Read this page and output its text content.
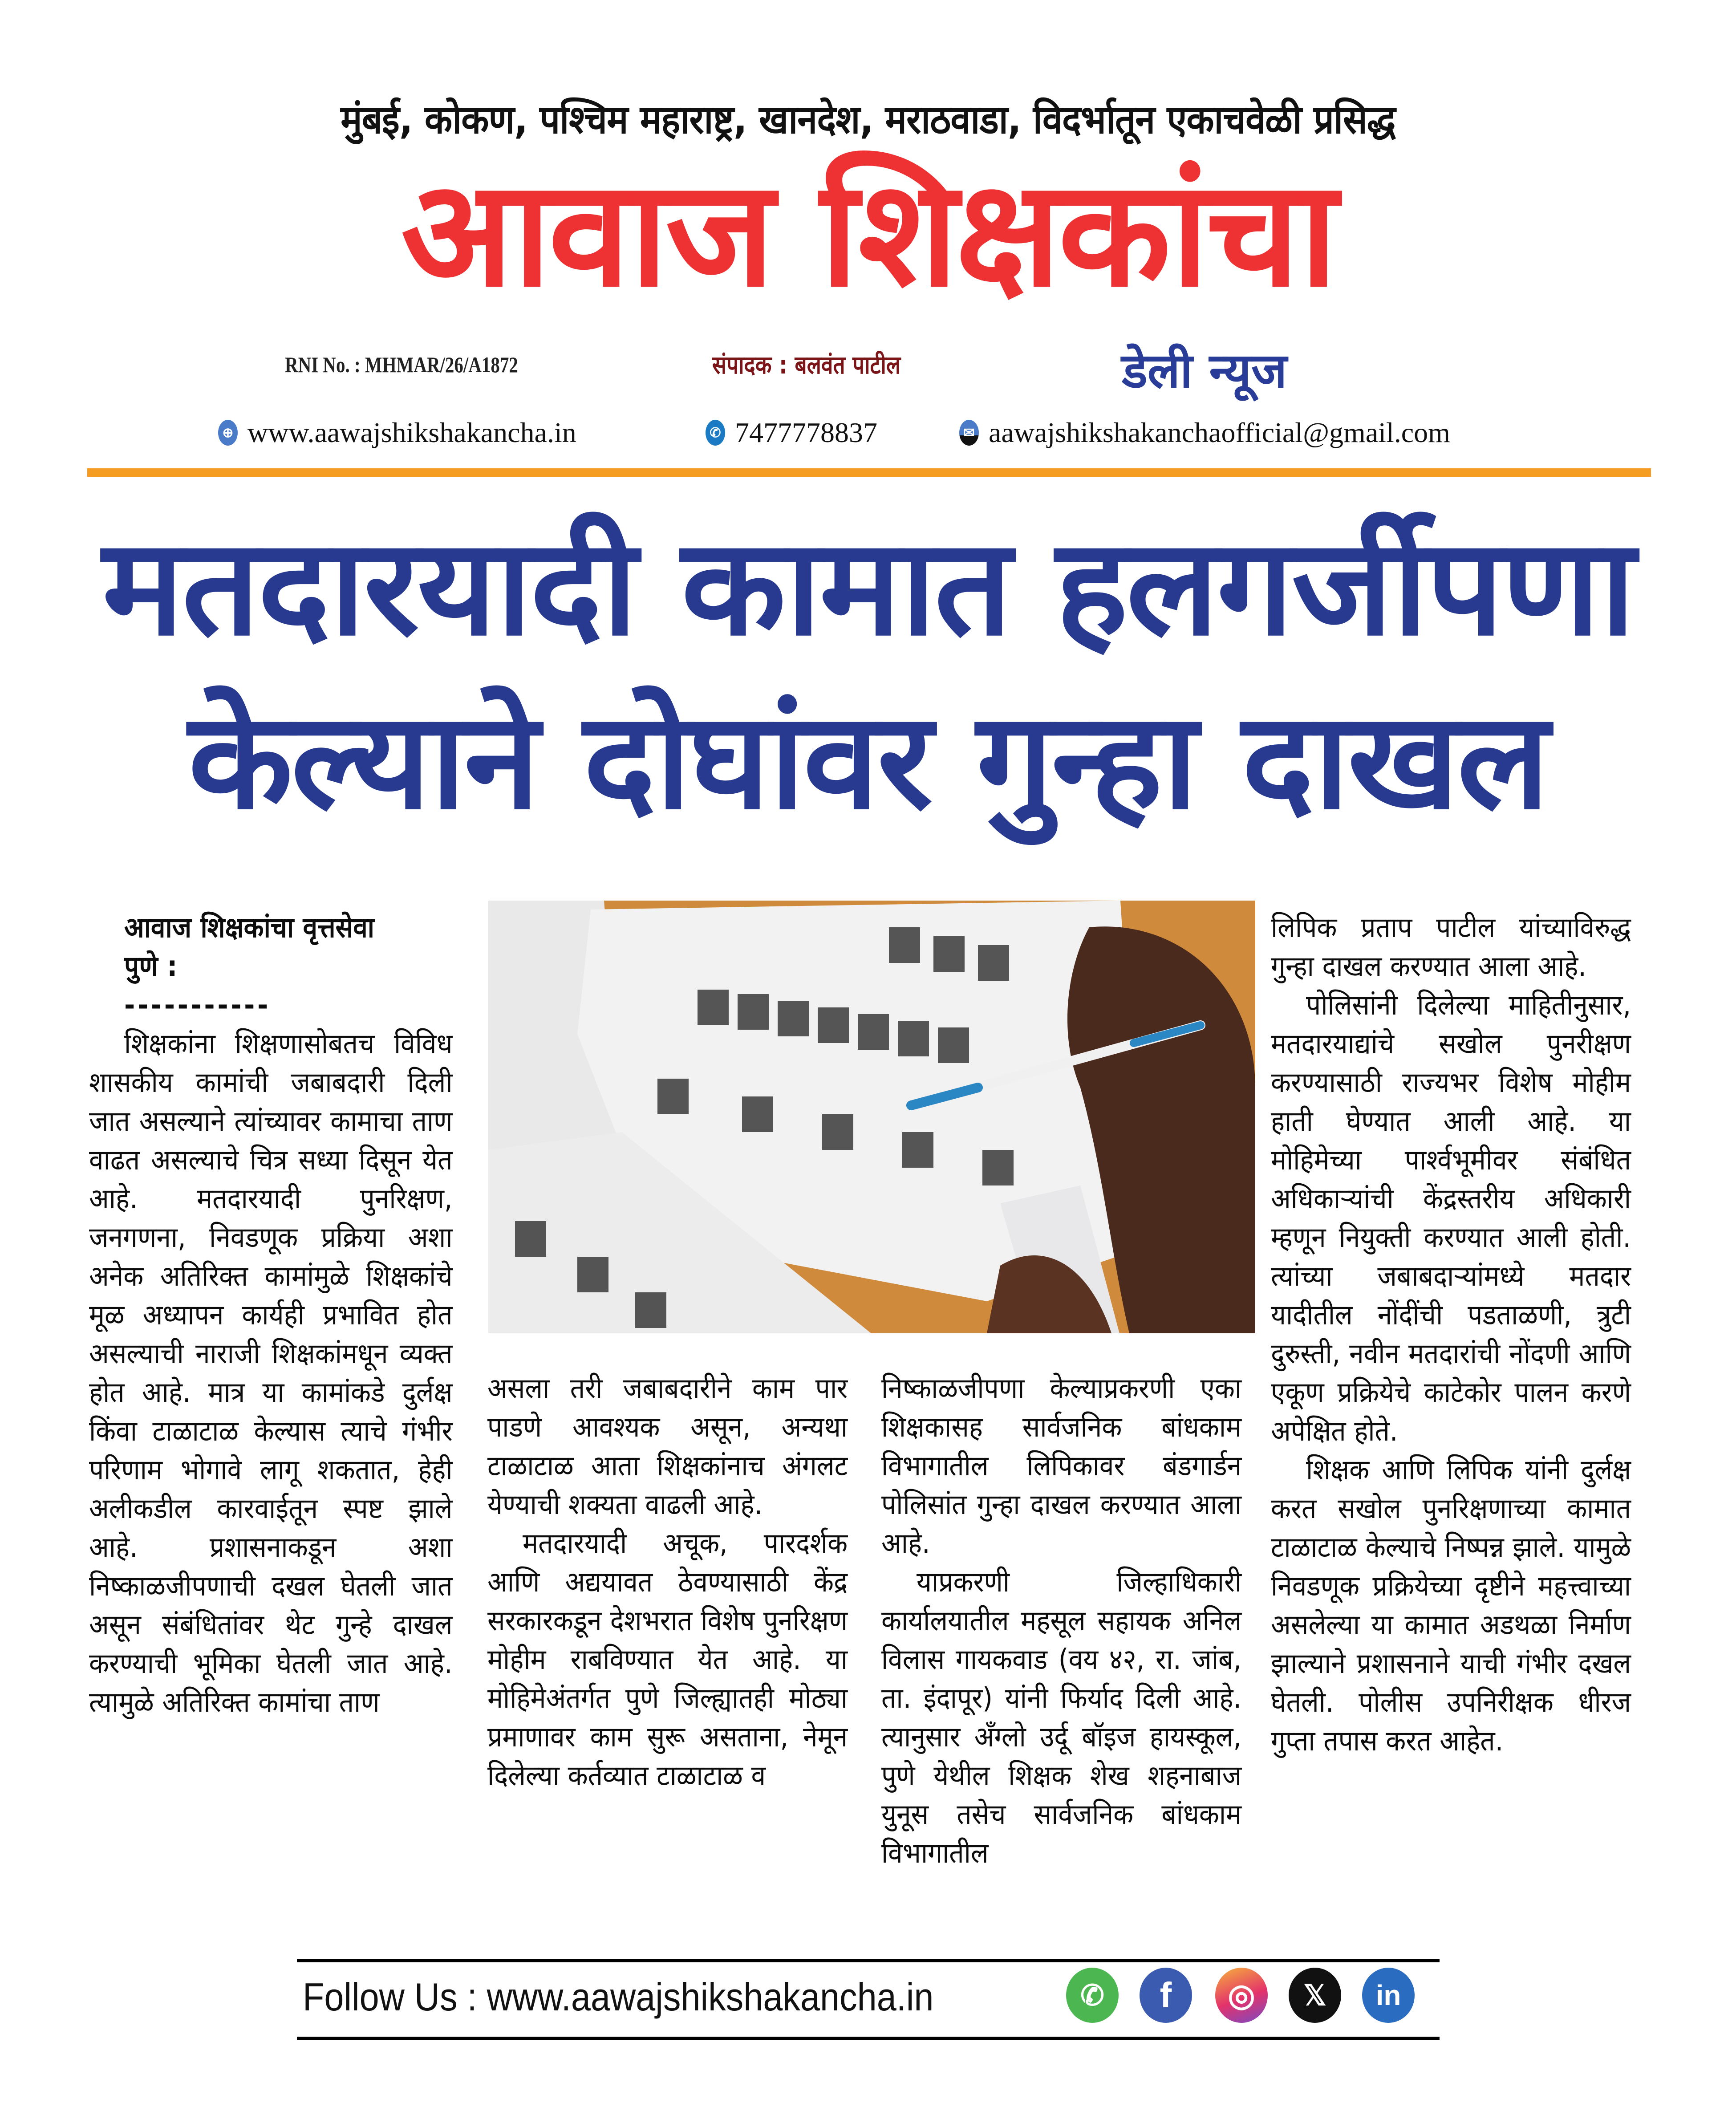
मुंबई, कोकण, पश्चिम महाराष्ट्र, खानदेश, मराठवाडा, विदर्भातून एकाचवेळी प्रसिद्ध
आवाज शिक्षकांचा
RNI No. : MHMAR/26/A1872	संपादक : बलवंत पाटील	डेली न्यूज
⊕ www.aawajshikshakancha.in	✆ 7477778837	✉ aawajshikshakanchaofficial@gmail.com
मतदारयादी कामात हलगर्जीपणा
केल्याने दोघांवर गुन्हा दाखल

आवाज शिक्षकांचा वृत्तसेवा

पुणे :

-----------

शिक्षकांना शिक्षणासोबतच विविध शासकीय कामांची जबाबदारी दिली जात असल्याने त्यांच्यावर कामाचा ताण वाढत असल्याचे चित्र सध्या दिसून येत आहे. मतदारयादी पुनरिक्षण, जनगणना, निवडणूक प्रक्रिया अशा अनेक अतिरिक्त कामांमुळे शिक्षकांचे मूळ अध्यापन कार्यही प्रभावित होत असल्याची नाराजी शिक्षकांमधून व्यक्त होत आहे. मात्र या कामांकडे दुर्लक्ष किंवा टाळाटाळ केल्यास त्याचे गंभीर परिणाम भोगावे लागू शकतात, हेही अलीकडील कारवाईतून स्पष्ट झाले आहे. प्रशासनाकडून अशा निष्काळजीपणाची दखल घेतली जात असून संबंधितांवर थेट गुन्हे दाखल करण्याची भूमिका घेतली जात आहे. त्यामुळे अतिरिक्त कामांचा ताण

असला तरी जबाबदारीने काम पार पाडणे आवश्यक असून, अन्यथा टाळाटाळ आता शिक्षकांनाच अंगलट येण्याची शक्यता वाढली आहे.

मतदारयादी अचूक, पारदर्शक आणि अद्ययावत ठेवण्यासाठी केंद्र सरकारकडून देशभरात विशेष पुनरिक्षण मोहीम राबविण्यात येत आहे. या मोहिमेअंतर्गत पुणे जिल्ह्यातही मोठ्या प्रमाणावर काम सुरू असताना, नेमून दिलेल्या कर्तव्यात टाळाटाळ व

निष्काळजीपणा केल्याप्रकरणी एका शिक्षकासह सार्वजनिक बांधकाम विभागातील लिपिकावर बंडगार्डन पोलिसांत गुन्हा दाखल करण्यात आला आहे.

याप्रकरणी जिल्हाधिकारी कार्यालयातील महसूल सहायक अनिल विलास गायकवाड (वय ४२, रा. जांब, ता. इंदापूर) यांनी फिर्याद दिली आहे. त्यानुसार अँग्लो उर्दू बॉइज हायस्कूल, पुणे येथील शिक्षक शेख शहनाबाज युनूस तसेच सार्वजनिक बांधकाम विभागातील

लिपिक प्रताप पाटील यांच्याविरुद्ध गुन्हा दाखल करण्यात आला आहे.

पोलिसांनी दिलेल्या माहितीनुसार, मतदारयाद्यांचे सखोल पुनरीक्षण करण्यासाठी राज्यभर विशेष मोहीम हाती घेण्यात आली आहे. या मोहिमेच्या पार्श्वभूमीवर संबंधित अधिकाऱ्यांची केंद्रस्तरीय अधिकारी म्हणून नियुक्ती करण्यात आली होती. त्यांच्या जबाबदाऱ्यांमध्ये मतदार यादीतील नोंदींची पडताळणी, त्रुटी दुरुस्ती, नवीन मतदारांची नोंदणी आणि एकूण प्रक्रियेचे काटेकोर पालन करणे अपेक्षित होते.

शिक्षक आणि लिपिक यांनी दुर्लक्ष करत सखोल पुनरिक्षणाच्या कामात टाळाटाळ केल्याचे निष्पन्न झाले. यामुळे निवडणूक प्रक्रियेच्या दृष्टीने महत्त्वाच्या असलेल्या या कामात अडथळा निर्माण झाल्याने प्रशासनाने याची गंभीर दखल घेतली. पोलीस उपनिरीक्षक धीरज गुप्ता तपास करत आहेत.

Follow Us : www.aawajshikshakancha.in	✆	f	◎	𝕏	in
